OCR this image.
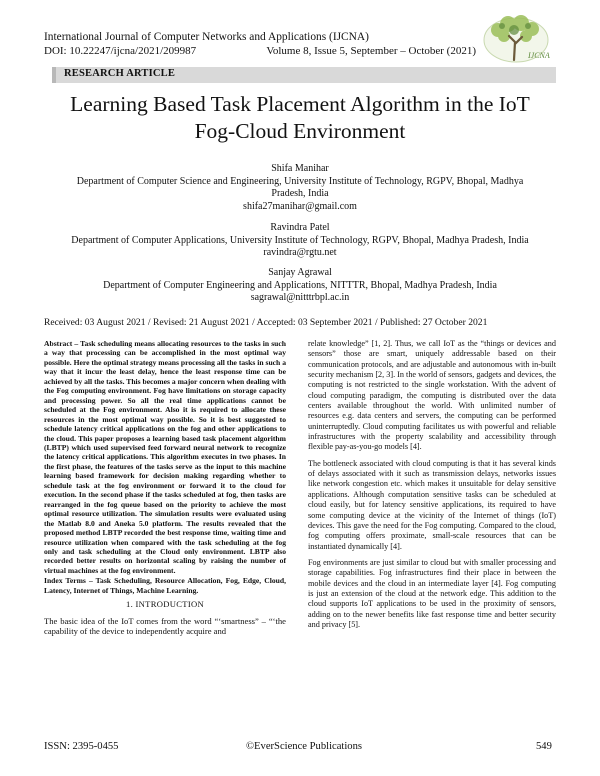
International Journal of Computer Networks and Applications (IJCNA)
DOI: 10.22247/ijcna/2021/209987	Volume 8, Issue 5, September – October (2021)	IJCNA
RESEARCH ARTICLE
Learning Based Task Placement Algorithm in the IoT
Fog-Cloud Environment
Shifa Manihar
Department of Computer Science and Engineering, University Institute of Technology, RGPV, Bhopal, Madhya
Pradesh, India
shifa27manihar@gmail.com
Ravindra Patel
Department of Computer Applications, University Institute of Technology, RGPV, Bhopal, Madhya Pradesh, India
ravindra@rgtu.net
Sanjay Agrawal
Department of Computer Engineering and Applications, NITTTR, Bhopal, Madhya Pradesh, India
sagrawal@nitttrbpl.ac.in
Received: 03 August 2021 / Revised: 21 August 2021 / Accepted: 03 September 2021 / Published: 27 October 2021

Abstract – Task scheduling means allocating resources to the tasks in such a way that processing can be accomplished in the most optimal way possible. Here the optimal strategy means processing all the tasks in such a way that it incur the least delay, hence the least response time can be achieved by all the tasks. This becomes a major concern when dealing with the Fog computing environment. Fog have limitations on storage capacity and processing power. So all the real time applications cannot be scheduled at the Fog environment. Also it is required to allocate these resources in the most optimal way possible. So it is best suggested to schedule latency critical applications on the fog and other applications to the cloud. This paper proposes a learning based task placement algorithm (LBTP) which used supervised feed forward neural network to recognize the latency critical applications. This algorithm executes in two phases. In the first phase, the features of the tasks serve as the input to this machine learning based framework for decision making regarding whether to schedule task at the fog environment or forward it to the cloud for execution. In the second phase if the tasks scheduled at fog, then tasks are rearranged in the fog queue based on the priority to achieve the most optimal resource utilization. The simulation results were evaluated using the Matlab 8.0 and Aneka 5.0 platform. The results revealed that the proposed method LBTP recorded the best response time, waiting time and resource utilization when compared with the task scheduling at the fog only and task scheduling at the Cloud only environment. LBTP also recorded better results on horizontal scaling by raising the number of virtual machines at the fog environment.

Index Terms – Task Scheduling, Resource Allocation, Fog, Edge, Cloud, Latency, Internet of Things, Machine Learning.

1. INTRODUCTION

The basic idea of the IoT comes from the word “‘smartness” – “‘the capability of the device to independently acquire and

relate knowledge” [1, 2]. Thus, we call IoT as the “things or devices and sensors” those are smart, uniquely addressable based on their communication protocols, and are adjustable and autonomous with in-built security mechanism [2, 3]. In the world of sensors, gadgets and devices, the computing is not restricted to the single workstation. With the advent of cloud computing paradigm, the computing is distributed over the data centers available throughout the world. With unlimited number of resources e.g. data centers and servers, the computing can be performed uninterruptedly. Cloud computing facilitates us with powerful and reliable infrastructures with the property scalability and accessibility through flexible pay-as-you-go models [4].

The bottleneck associated with cloud computing is that it has several kinds of delays associated with it such as transmission delays, networks issues like network congestion etc. which makes it unsuitable for delay sensitive applications. Although computation sensitive tasks can be scheduled at cloud easily, but for latency sensitive applications, its required to have some computing device at the vicinity of the Internet of things (IoT) devices. This gave the need for the Fog computing. Compared to the cloud, fog computing offers proximate, small-scale resources that can be instantiated dynamically [4].

Fog environments are just similar to cloud but with smaller processing and storage capabilities. Fog infrastructures find their place in between the mobile devices and the cloud in an intermediate layer [4]. Fog computing is just an extension of the cloud at the network edge. This addition to the cloud supports IoT applications to be used in the proximity of sensors, adding on to the newer benefits like fast response time and better security and privacy [5].

ISSN: 2395-0455	©EverScience Publications	549
